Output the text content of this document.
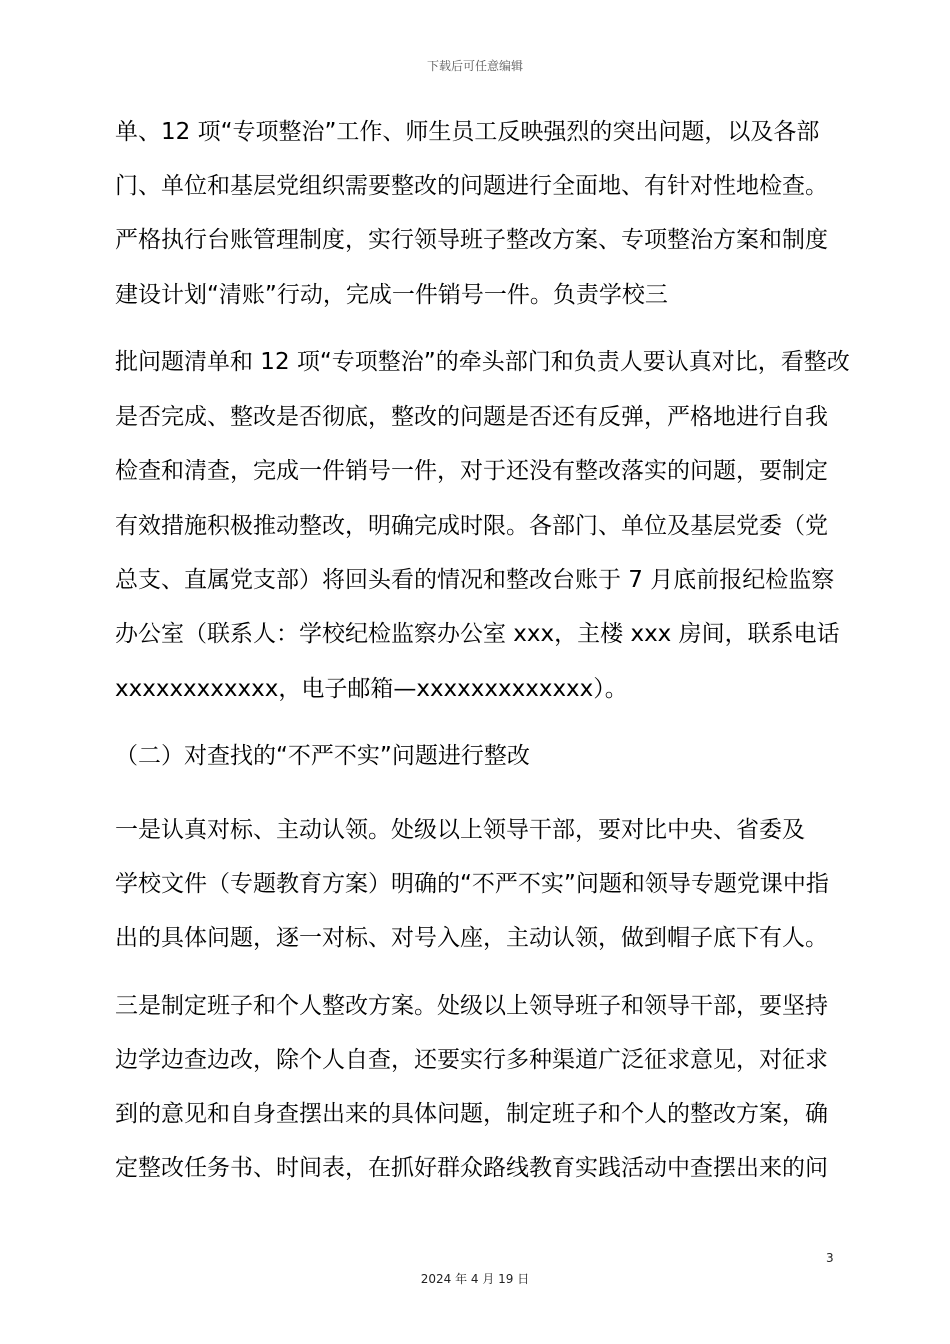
下载后可任意编辑
单、12 项“专项整治”工作、师生员工反映强烈的突出问题，以及各部
门、单位和基层党组织需要整改的问题进行全面地、有针对性地检查。
严格执行台账管理制度，实行领导班子整改方案、专项整治方案和制度
建设计划“清账”行动，完成一件销号一件。负责学校三
批问题清单和 12 项“专项整治”的牵头部门和负责人要认真对比，看整改
是否完成、整改是否彻底，整改的问题是否还有反弹，严格地进行自我
检查和清查，完成一件销号一件，对于还没有整改落实的问题，要制定
有效措施积极推动整改，明确完成时限。各部门、单位及基层党委（党
总支、直属党支部）将回头看的情况和整改台账于 7 月底前报纪检监察
办公室（联系人：学校纪检监察办公室 xxx，主楼 xxx 房间，联系电话
xxxxxxxxxxxx，电子邮箱—xxxxxxxxxxxxx）。
（二）对查找的“不严不实”问题进行整改
一是认真对标、主动认领。处级以上领导干部，要对比中央、省委及
学校文件（专题教育方案）明确的“不严不实”问题和领导专题党课中指
出的具体问题，逐一对标、对号入座，主动认领，做到帽子底下有人。
三是制定班子和个人整改方案。处级以上领导班子和领导干部，要坚持
边学边查边改，除个人自查，还要实行多种渠道广泛征求意见，对征求
到的意见和自身查摆出来的具体问题，制定班子和个人的整改方案，确
定整改任务书、时间表，在抓好群众路线教育实践活动中查摆出来的问
3
2024 年 4 月 19 日
